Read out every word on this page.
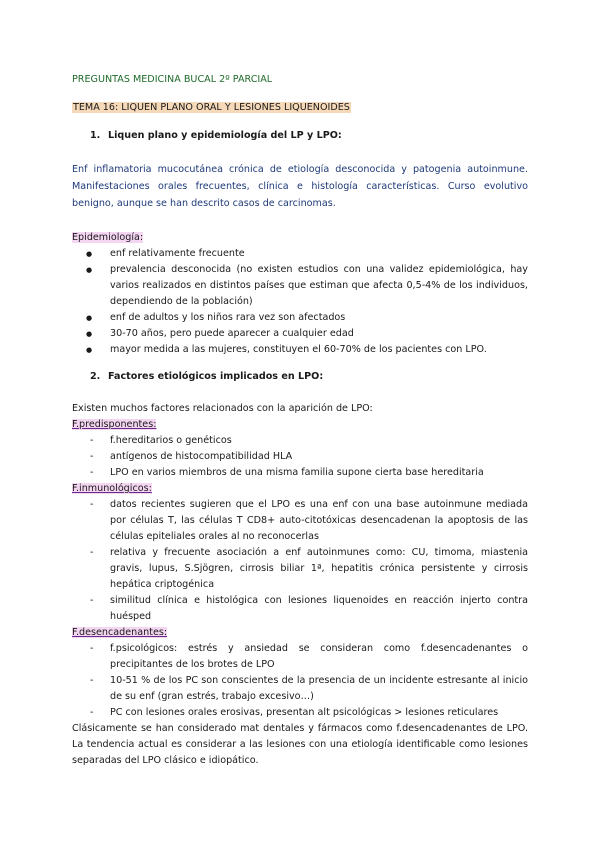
PREGUNTAS MEDICINA BUCAL 2º PARCIAL
TEMA 16: LIQUEN PLANO ORAL Y LESIONES LIQUENOIDES
1. Liquen plano y epidemiología del LP y LPO:
Enf inflamatoria mucocutánea crónica de etiología desconocida y patogenia autoinmune. Manifestaciones orales frecuentes, clínica e histología características. Curso evolutivo benigno, aunque se han descrito casos de carcinomas.
Epidemiología:
● enf relativamente frecuente
● prevalencia desconocida (no existen estudios con una validez epidemiológica, hay varios realizados en distintos países que estiman que afecta 0,5-4% de los individuos, dependiendo de la población)
● enf de adultos y los niños rara vez son afectados
● 30-70 años, pero puede aparecer a cualquier edad
● mayor medida a las mujeres, constituyen el 60-70% de los pacientes con LPO.
2. Factores etiológicos implicados en LPO:
Existen muchos factores relacionados con la aparición de LPO:
F.predisponentes:
- f.hereditarios o genéticos
- antígenos de histocompatibilidad HLA
- LPO en varios miembros de una misma familia supone cierta base hereditaria
F.inmunológicos:
- datos recientes sugieren que el LPO es una enf con una base autoinmune mediada por células T, las células T CD8+ auto-citotóxicas desencadenan la apoptosis de las células epiteliales orales al no reconocerlas
- relativa y frecuente asociación a enf autoinmunes como: CU, timoma, miastenia gravis, lupus, S.Sjögren, cirrosis biliar 1ª, hepatitis crónica persistente y cirrosis hepática criptogénica
- similitud clínica e histológica con lesiones liquenoides en reacción injerto contra huésped
F.desencadenantes:
- f.psicológicos: estrés y ansiedad se consideran como f.desencadenantes o precipitantes de los brotes de LPO
- 10-51 % de los PC son conscientes de la presencia de un incidente estresante al inicio de su enf (gran estrés, trabajo excesivo…)
- PC con lesiones orales erosivas, presentan alt psicológicas > lesiones reticulares
Clásicamente se han considerado mat dentales y fármacos como f.desencadenantes de LPO. La tendencia actual es considerar a las lesiones con una etiología identificable como lesiones separadas del LPO clásico e idiopático.
